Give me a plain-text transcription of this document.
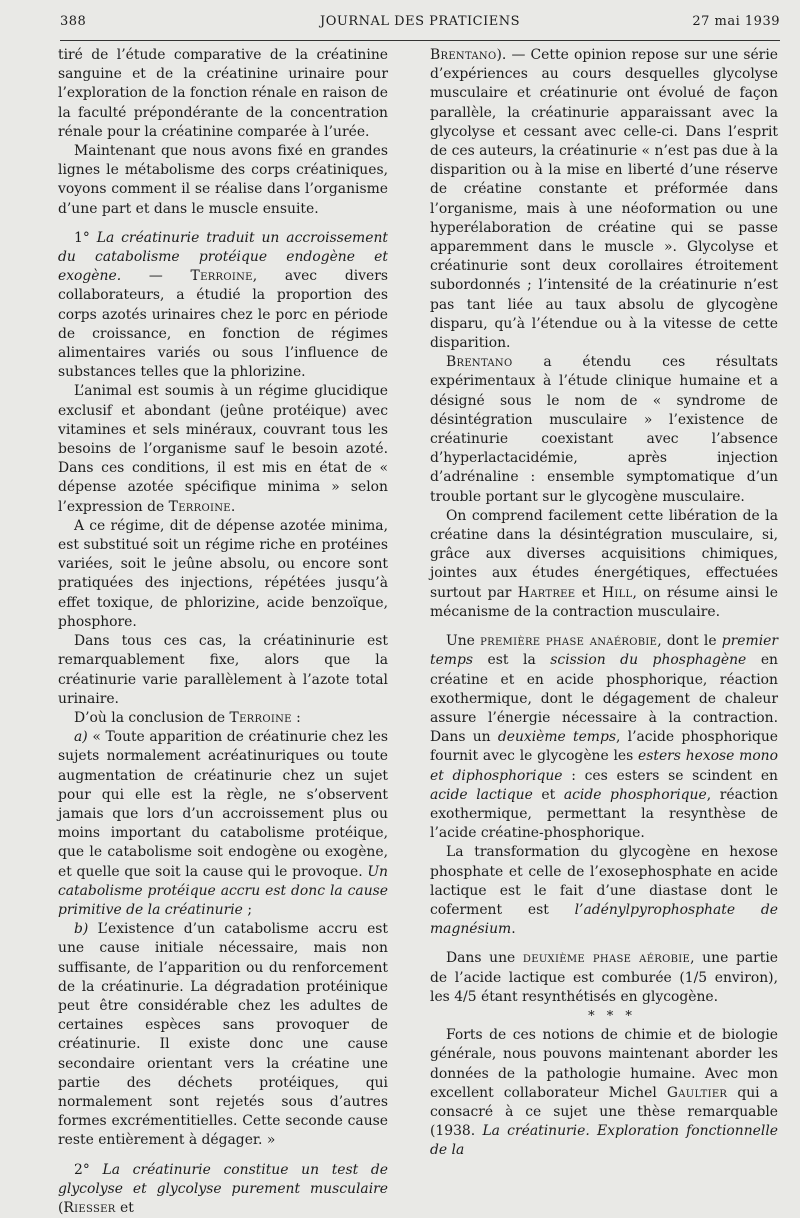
388	JOURNAL DES PRATICIENS	27 mai 1939

tiré de l’étude comparative de la créatinine sanguine et de la créatinine urinaire pour l’exploration de la fonction rénale en raison de la faculté prépondérante de la concentration rénale pour la créatinine comparée à l’urée.

Maintenant que nous avons fixé en grandes lignes le métabolisme des corps créatiniques, voyons comment il se réalise dans l’organisme d’une part et dans le muscle ensuite.

1° La créatinurie traduit un accroissement du catabolisme protéique endogène et exogène. — Terroine, avec divers collaborateurs, a étudié la proportion des corps azotés urinaires chez le porc en période de croissance, en fonction de régimes alimentaires variés ou sous l’influence de substances telles que la phlorizine.

L’animal est soumis à un régime glucidique exclusif et abondant (jeûne protéique) avec vitamines et sels minéraux, couvrant tous les besoins de l’organisme sauf le besoin azoté. Dans ces conditions, il est mis en état de « dépense azotée spécifique minima » selon l’expression de Terroine.

A ce régime, dit de dépense azotée minima, est substitué soit un régime riche en protéines variées, soit le jeûne absolu, ou encore sont pratiquées des injections, répétées jusqu’à effet toxique, de phlorizine, acide benzoïque, phosphore.

Dans tous ces cas, la créatininurie est remarquablement fixe, alors que la créatinurie varie parallèlement à l’azote total urinaire.

D’où la conclusion de Terroine :

a) « Toute apparition de créatinurie chez les sujets normalement acréatinuriques ou toute augmentation de créatinurie chez un sujet pour qui elle est la règle, ne s’observent jamais que lors d’un accroissement plus ou moins important du catabolisme protéique, que le catabolisme soit endogène ou exogène, et quelle que soit la cause qui le provoque. Un catabolisme protéique accru est donc la cause primitive de la créatinurie ;

b) L’existence d’un catabolisme accru est une cause initiale nécessaire, mais non suffisante, de l’apparition ou du renforcement de la créatinurie. La dégradation protéinique peut être considérable chez les adultes de certaines espèces sans provoquer de créatinurie. Il existe donc une cause secondaire orientant vers la créatine une partie des déchets protéiques, qui normalement sont rejetés sous d’autres formes excrémentitielles. Cette seconde cause reste entièrement à dégager. »

2° La créatinurie constitue un test de glycolyse et glycolyse purement musculaire (Riesser et

Brentano). — Cette opinion repose sur une série d’expériences au cours desquelles glycolyse musculaire et créatinurie ont évolué de façon parallèle, la créatinurie apparaissant avec la glycolyse et cessant avec celle-ci. Dans l’esprit de ces auteurs, la créatinurie « n’est pas due à la disparition ou à la mise en liberté d’une réserve de créatine constante et préformée dans l’organisme, mais à une néoformation ou une hyperélaboration de créatine qui se passe apparemment dans le muscle ». Glycolyse et créatinurie sont deux corollaires étroitement subordonnés ; l’intensité de la créatinurie n’est pas tant liée au taux absolu de glycogène disparu, qu’à l’étendue ou à la vitesse de cette disparition.

Brentano a étendu ces résultats expérimentaux à l’étude clinique humaine et a désigné sous le nom de « syndrome de désintégration musculaire » l’existence de créatinurie coexistant avec l’absence d’hyperlactacidémie, après injection d’adrénaline : ensemble symptomatique d’un trouble portant sur le glycogène musculaire.

On comprend facilement cette libération de la créatine dans la désintégration musculaire, si, grâce aux diverses acquisitions chimiques, jointes aux études énergétiques, effectuées surtout par Hartree et Hill, on résume ainsi le mécanisme de la contraction musculaire.

Une première phase anaérobie, dont le premier temps est la scission du phosphagène en créatine et en acide phosphorique, réaction exothermique, dont le dégagement de chaleur assure l’énergie nécessaire à la contraction. Dans un deuxième temps, l’acide phosphorique fournit avec le glycogène les esters hexose mono et diphosphorique : ces esters se scindent en acide lactique et acide phosphorique, réaction exothermique, permettant la resynthèse de l’acide créatine-phosphorique.

La transformation du glycogène en hexose phosphate et celle de l’exosephosphate en acide lactique est le fait d’une diastase dont le coferment est l’adénylpyrophosphate de magnésium.

Dans une deuxième phase aérobie, une partie de l’acide lactique est comburée (1/5 environ), les 4/5 étant resynthétisés en glycogène.

* * *

Forts de ces notions de chimie et de biologie générale, nous pouvons maintenant aborder les données de la pathologie humaine. Avec mon excellent collaborateur Michel Gaultier qui a consacré à ce sujet une thèse remarquable (1938. La créatinurie. Exploration fonctionnelle de la
